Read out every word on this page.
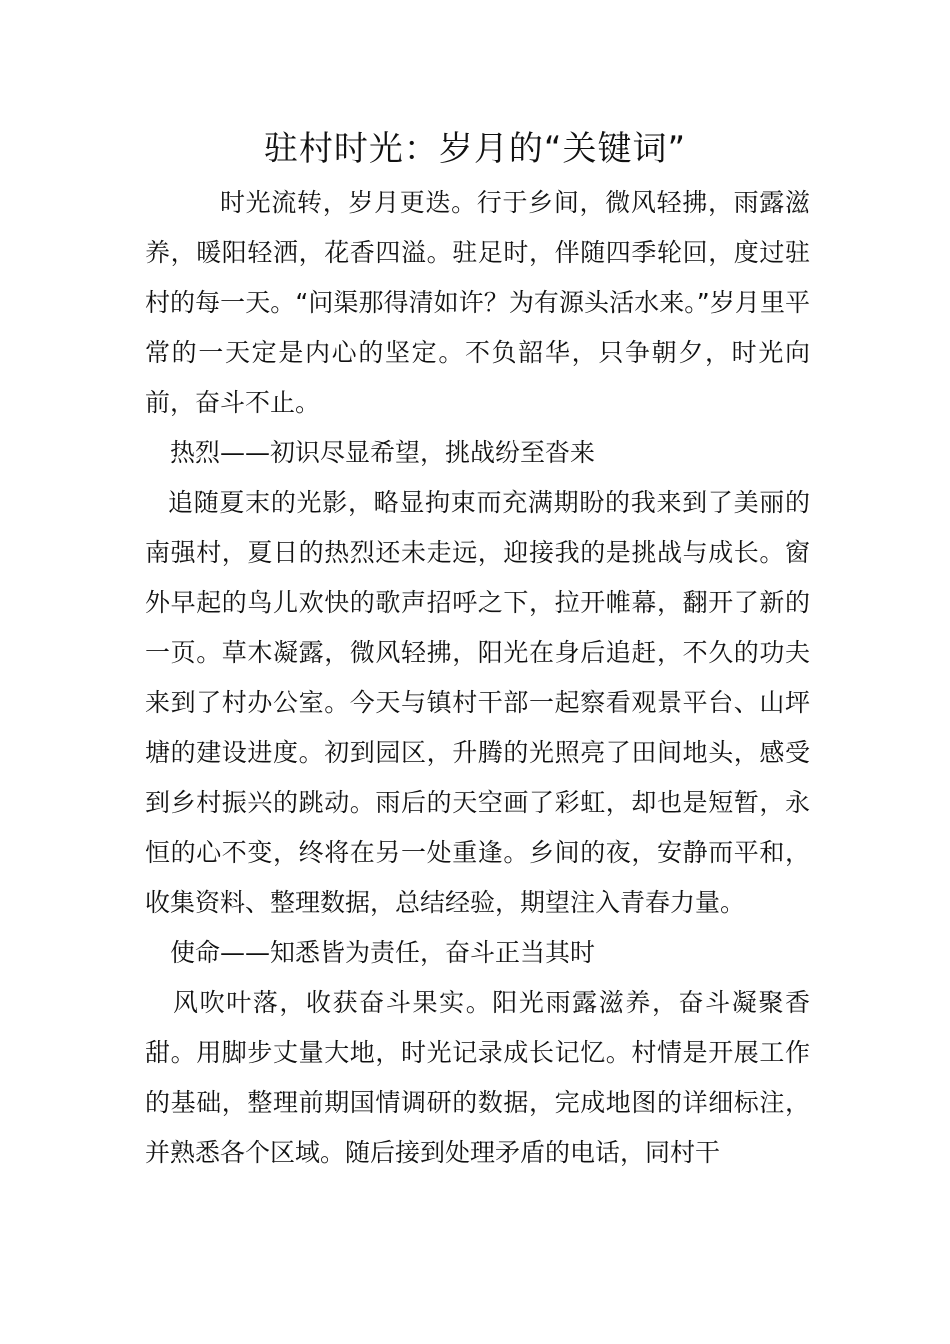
驻村时光：岁月的“关键词”

时光流转，岁月更迭。行于乡间，微风轻拂，雨露滋养，暖阳轻洒，花香四溢。驻足时，伴随四季轮回，度过驻村的每一天。“问渠那得清如许？为有源头活水来。”岁月里平常的一天定是内心的坚定。不负韶华，只争朝夕，时光向前，奋斗不止。

热烈——初识尽显希望，挑战纷至沓来

追随夏末的光影，略显拘束而充满期盼的我来到了美丽的南强村，夏日的热烈还未走远，迎接我的是挑战与成长。窗外早起的鸟儿欢快的歌声招呼之下，拉开帷幕，翻开了新的一页。草木凝露，微风轻拂，阳光在身后追赶，不久的功夫来到了村办公室。今天与镇村干部一起察看观景平台、山坪塘的建设进度。初到园区，升腾的光照亮了田间地头，感受到乡村振兴的跳动。雨后的天空画了彩虹，却也是短暂，永恒的心不变，终将在另一处重逢。乡间的夜，安静而平和，收集资料、整理数据，总结经验，期望注入青春力量。

使命——知悉皆为责任，奋斗正当其时

风吹叶落，收获奋斗果实。阳光雨露滋养，奋斗凝聚香甜。用脚步丈量大地，时光记录成长记忆。村情是开展工作的基础，整理前期国情调研的数据，完成地图的详细标注，并熟悉各个区域。随后接到处理矛盾的电话，同村干
